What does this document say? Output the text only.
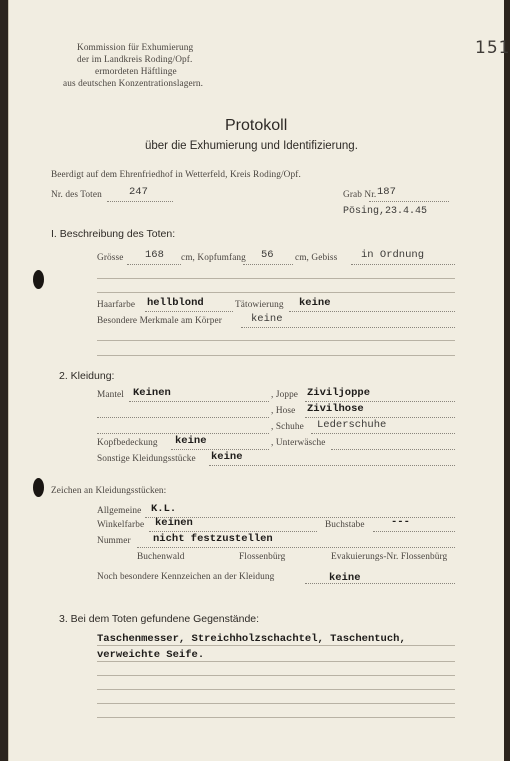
151
Kommission für Exhumierung
der im Landkreis Roding/Opf.
ermordeten Häftlinge
aus deutschen Konzentrationslagern.
Protokoll
über die Exhumierung und Identifizierung.
Beerdigt auf dem Ehrenfriedhof in Wetterfeld, Kreis Roding/Opf.
Nr. des Toten	247	Grab Nr. 187
Pösing,23.4.45
I. Beschreibung des Toten:
Grösse 168 cm, Kopfumfang 56 cm, Gebiss in Ordnung
Haarfarbe hellblond	Tätowierung keine
Besondere Merkmale am Körper	keine
2. Kleidung:
Mantel Keinen	, Joppe Ziviljoppe
, Hose Zivilhose
, Schuhe Lederschuhe
Kopfbedeckung keine	, Unterwäsche
Sonstige Kleidungsstücke keine
Zeichen an Kleidungsstücken:
Allgemeine K.L.
Winkelfarbe keinen	Buchstabe	---
Nummer nicht festzustellen
Buchenwald	Flossenbürg	Evakuierungs-Nr. Flossenbürg
Noch besondere Kennzeichen an der Kleidung	keine
3. Bei dem Toten gefundene Gegenstände:
Taschenmesser, Streichholzschachtel, Taschentuch,
verweichte Seife.
